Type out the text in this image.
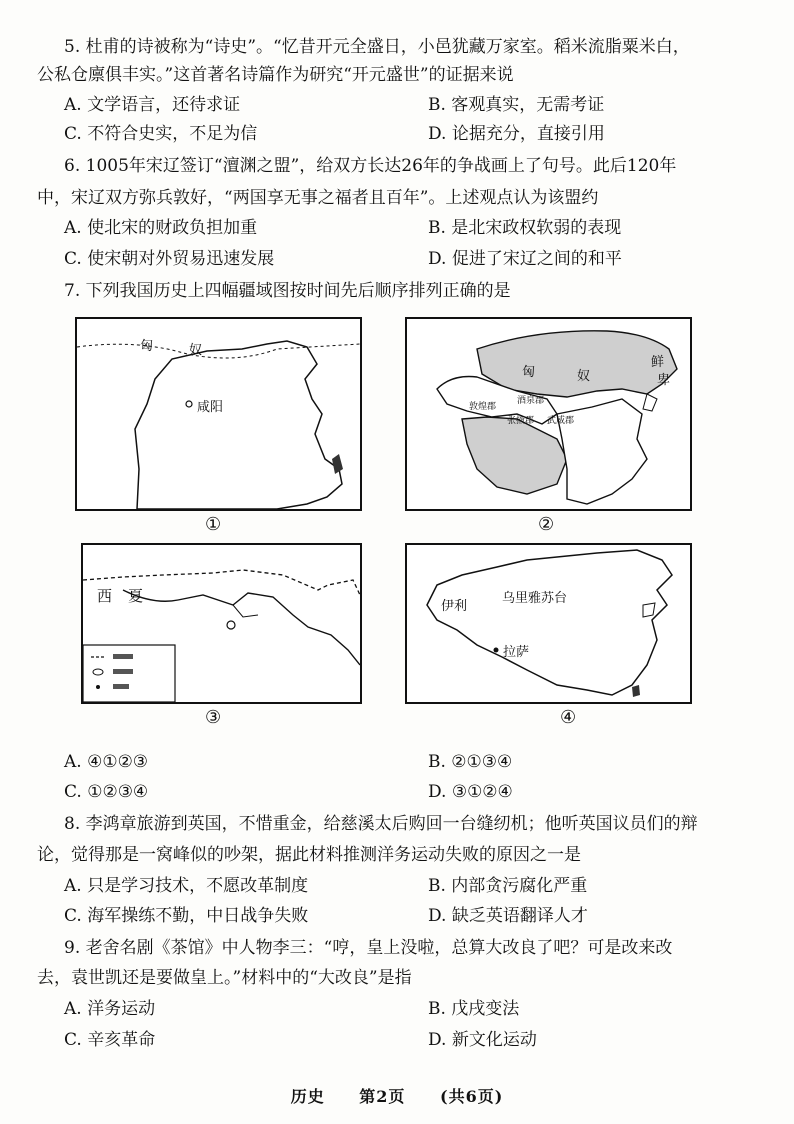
5. 杜甫的诗被称为“诗史”。“忆昔开元全盛日，小邑犹藏万家室。稻米流脂粟米白，
公私仓廪俱丰实。”这首著名诗篇作为研究“开元盛世”的证据来说
A. 文学语言，还待求证	B. 客观真实，无需考证
C. 不符合史实，不足为信	D. 论据充分，直接引用
6. 1005年宋辽签订“澶渊之盟”，给双方长达26年的争战画上了句号。此后120年
中，宋辽双方弥兵敦好，“两国享无事之福者且百年”。上述观点认为该盟约
A. 使北宋的财政负担加重	B. 是北宋政权软弱的表现
C. 使宋朝对外贸易迅速发展	D. 促进了宋辽之间的和平
7. 下列我国历史上四幅疆域图按时间先后顺序排列正确的是
匈	奴
咸阳
①
匈	奴
鲜
卑
敦煌郡
酒泉郡
张掖郡 武威郡
②
西 夏
③
伊利
乌里雅苏台
拉萨
④
A. ④①②③	B. ②①③④
C. ①②③④	D. ③①②④
8. 李鸿章旅游到英国，不惜重金，给慈溪太后购回一台缝纫机；他听英国议员们的辩
论，觉得那是一窝峰似的吵架，据此材料推测洋务运动失败的原因之一是
A. 只是学习技术，不愿改革制度	B. 内部贪污腐化严重
C. 海军操练不勤，中日战争失败	D. 缺乏英语翻译人才
9. 老舍名剧《茶馆》中人物李三：“哼，皇上没啦，总算大改良了吧？可是改来改
去，袁世凯还是要做皇上。”材料中的“大改良”是指
A. 洋务运动	B. 戊戌变法
C. 辛亥革命	D. 新文化运动
历史 第2页 (共6页)
